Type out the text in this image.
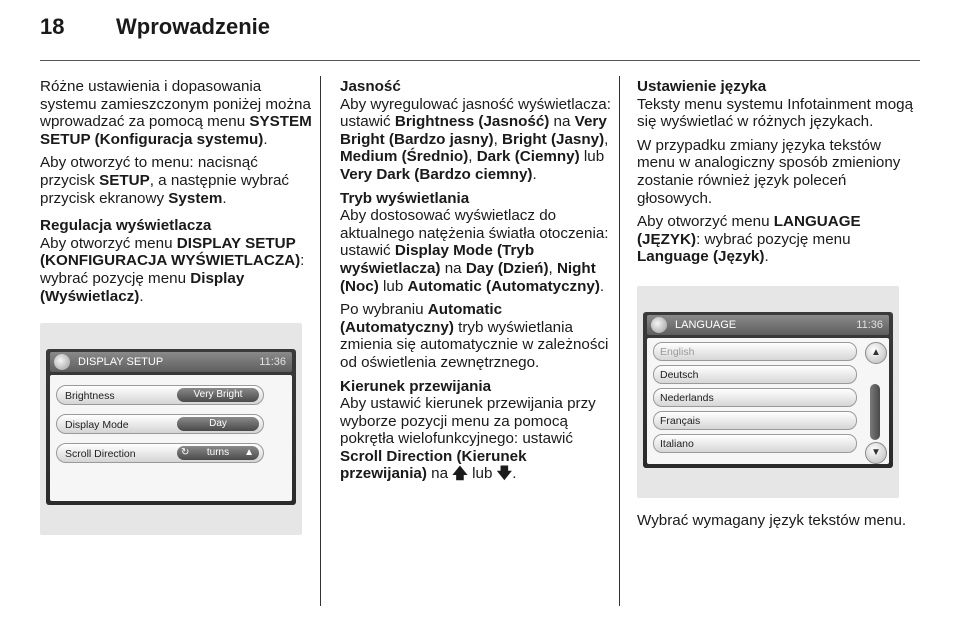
18 Wprowadzenie

Różne ustawienia i dopasowania systemu zamieszczonym poniżej można wprowadzać za pomocą menu SYSTEM SETUP (Konfiguracja systemu).

Aby otworzyć to menu: nacisnąć przycisk SETUP, a następnie wybrać przycisk ekranowy System.

Regulacja wyświetlacza

Aby otworzyć menu DISPLAY SETUP (KONFIGURACJA WYŚWIETLACZA): wybrać pozycję menu Display (Wyświetlacz).

DISPLAY SETUP	11:36
Brightness	Very Bright
Display Mode	Day
Scroll Direction	↻ turns ▲

Jasność

Aby wyregulować jasność wyświetlacza: ustawić Brightness (Jasność) na Very Bright (Bardzo jasny), Bright (Jasny), Medium (Średnio), Dark (Ciemny) lub Very Dark (Bardzo ciemny).

Tryb wyświetlania

Aby dostosować wyświetlacz do aktualnego natężenia światła otoczenia: ustawić Display Mode (Tryb wyświetlacza) na Day (Dzień), Night (Noc) lub Automatic (Automatyczny).

Po wybraniu Automatic (Automatyczny) tryb wyświetlania zmienia się automatycznie w zależności od oświetlenia zewnętrznego.

Kierunek przewijania

Aby ustawić kierunek przewijania przy wyborze pozycji menu za pomocą pokrętła wielofunkcyjnego: ustawić Scroll Direction (Kierunek przewijania) na 🡅 lub 🡇.

Ustawienie języka

Teksty menu systemu Infotainment mogą się wyświetlać w różnych językach.

W przypadku zmiany języka tekstów menu w analogiczny sposób zmieniony zostanie również język poleceń głosowych.

Aby otworzyć menu LANGUAGE (JĘZYK): wybrać pozycję menu Language (Język).

LANGUAGE	11:36
English
Deutsch
Nederlands
Français
Italiano
▲
▼

Wybrać wymagany język tekstów menu.
